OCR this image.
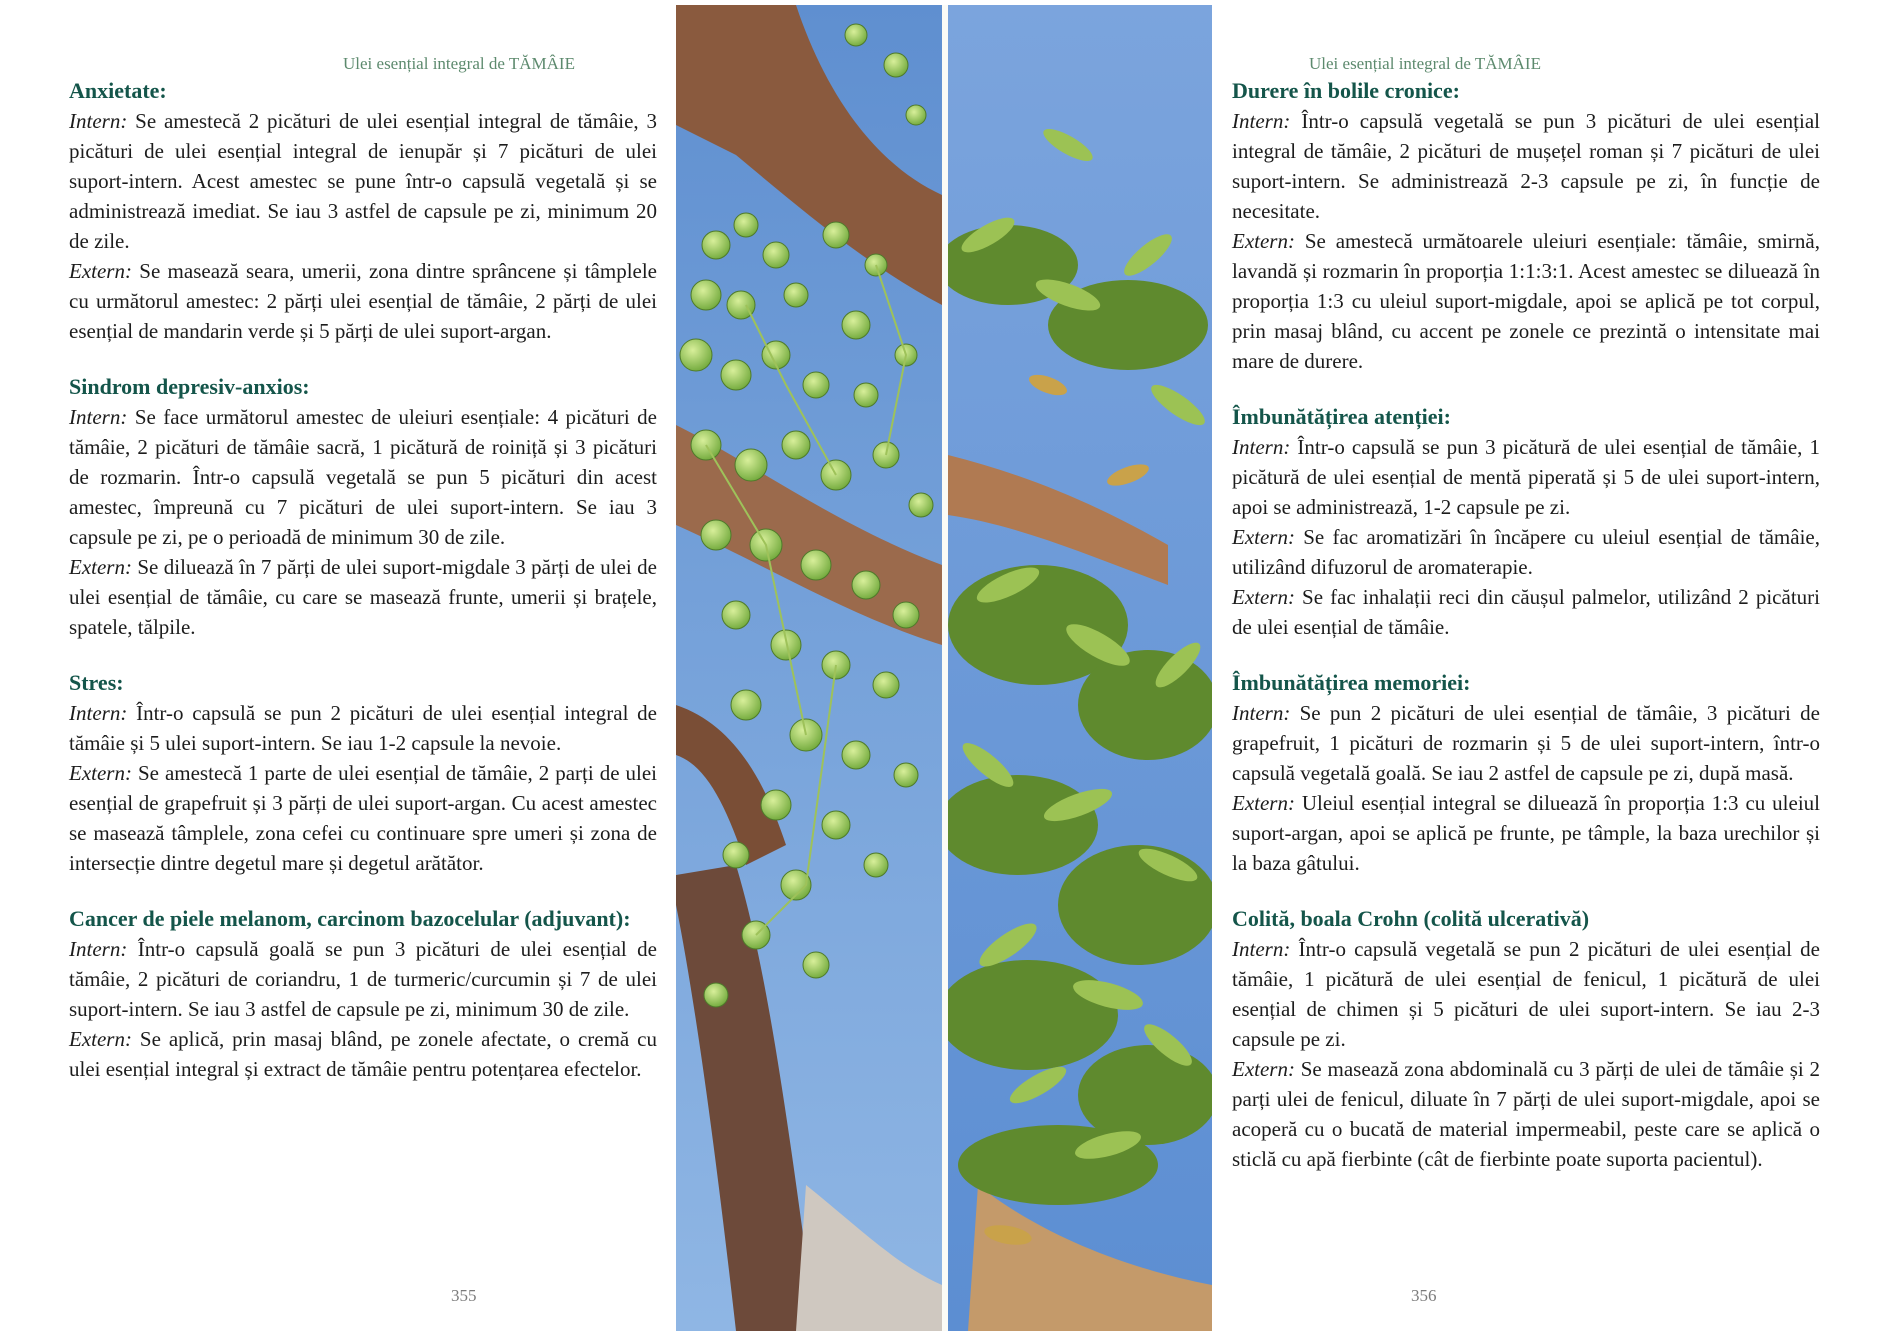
Ulei esențial integral de TĂMÂIE
Anxietate:

Intern: Se amestecă 2 picături de ulei esențial integral de tămâie, 3 picături de ulei esențial integral de ienupăr și 7 picături de ulei suport-intern. Acest amestec se pune într-o capsulă vegetală și se administrează imediat. Se iau 3 astfel de capsule pe zi, minimum 20 de zile.

Extern: Se masează seara, umerii, zona dintre sprâncene și tâmplele cu următorul amestec: 2 părți ulei esențial de tămâie, 2 părți de ulei esențial de mandarin verde și 5 părți de ulei suport-argan.

Sindrom depresiv-anxios:

Intern: Se face următorul amestec de uleiuri esențiale: 4 picături de tămâie, 2 picături de tămâie sacră, 1 picătură de roiniță și 3 picături de rozmarin. Într-o capsulă vegetală se pun 5 picături din acest amestec, împreună cu 7 picături de ulei suport-intern. Se iau 3 capsule pe zi, pe o perioadă de minimum 30 de zile.

Extern: Se diluează în 7 părți de ulei suport-migdale 3 părți de ulei de ulei esențial de tămâie, cu care se masează frunte, umerii și brațele, spatele, tălpile.

Stres:

Intern: Într-o capsulă se pun 2 picături de ulei esențial integral de tămâie și 5 ulei suport-intern. Se iau 1-2 capsule la nevoie.

Extern: Se amestecă 1 parte de ulei esențial de tămâie, 2 parți de ulei esențial de grapefruit și 3 părți de ulei suport-argan. Cu acest amestec se masează tâmplele, zona cefei cu continuare spre umeri și zona de intersecție dintre degetul mare și degetul arătător.

Cancer de piele melanom, carcinom bazocelular (adjuvant):

Intern: Într-o capsulă goală se pun 3 picături de ulei esențial de tămâie, 2 picături de coriandru, 1 de turmeric/curcumin și 7 de ulei suport-intern. Se iau 3 astfel de capsule pe zi, minimum 30 de zile.

Extern: Se aplică, prin masaj blând, pe zonele afectate, o cremă cu ulei esențial integral și extract de tămâie pentru potențarea efectelor.

355
Ulei esențial integral de TĂMÂIE
Durere în bolile cronice:

Intern: Într-o capsulă vegetală se pun 3 picături de ulei esențial integral de tămâie, 2 picături de mușețel roman și 7 picături de ulei suport-intern. Se administrează 2-3 capsule pe zi, în funcție de necesitate.

Extern: Se amestecă următoarele uleiuri esențiale: tămâie, smirnă, lavandă și rozmarin în proporția 1:1:3:1. Acest amestec se diluează în proporția 1:3 cu uleiul suport-migdale, apoi se aplică pe tot corpul, prin masaj blând, cu accent pe zonele ce prezintă o intensitate mai mare de durere.

Îmbunătățirea atenției:

Intern: Într-o capsulă se pun 3 picătură de ulei esențial de tămâie, 1 picătură de ulei esențial de mentă piperată și 5 de ulei suport-intern, apoi se administrează, 1-2 capsule pe zi.

Extern: Se fac aromatizări în încăpere cu uleiul esențial de tămâie, utilizând difuzorul de aromaterapie.

Extern: Se fac inhalații reci din căușul palmelor, utilizând 2 picături de ulei esențial de tămâie.

Îmbunătățirea memoriei:

Intern: Se pun 2 picături de ulei esențial de tămâie, 3 picături de grapefruit, 1 picături de rozmarin și 5 de ulei suport-intern, într-o capsulă vegetală goală. Se iau 2 astfel de capsule pe zi, după masă.

Extern: Uleiul esențial integral se diluează în proporția 1:3 cu uleiul suport-argan, apoi se aplică pe frunte, pe tâmple, la baza urechilor și la baza gâtului.

Colită, boala Crohn (colită ulcerativă)

Intern: Într-o capsulă vegetală se pun 2 picături de ulei esențial de tămâie, 1 picătură de ulei esențial de fenicul, 1 picătură de ulei esențial de chimen și 5 picături de ulei suport-intern. Se iau 2-3 capsule pe zi.

Extern: Se masează zona abdominală cu 3 părți de ulei de tămâie și 2 parți ulei de fenicul, diluate în 7 părți de ulei suport-migdale, apoi se acoperă cu o bucată de material impermeabil, peste care se aplică o sticlă cu apă fierbinte (cât de fierbinte poate suporta pacientul).

356
